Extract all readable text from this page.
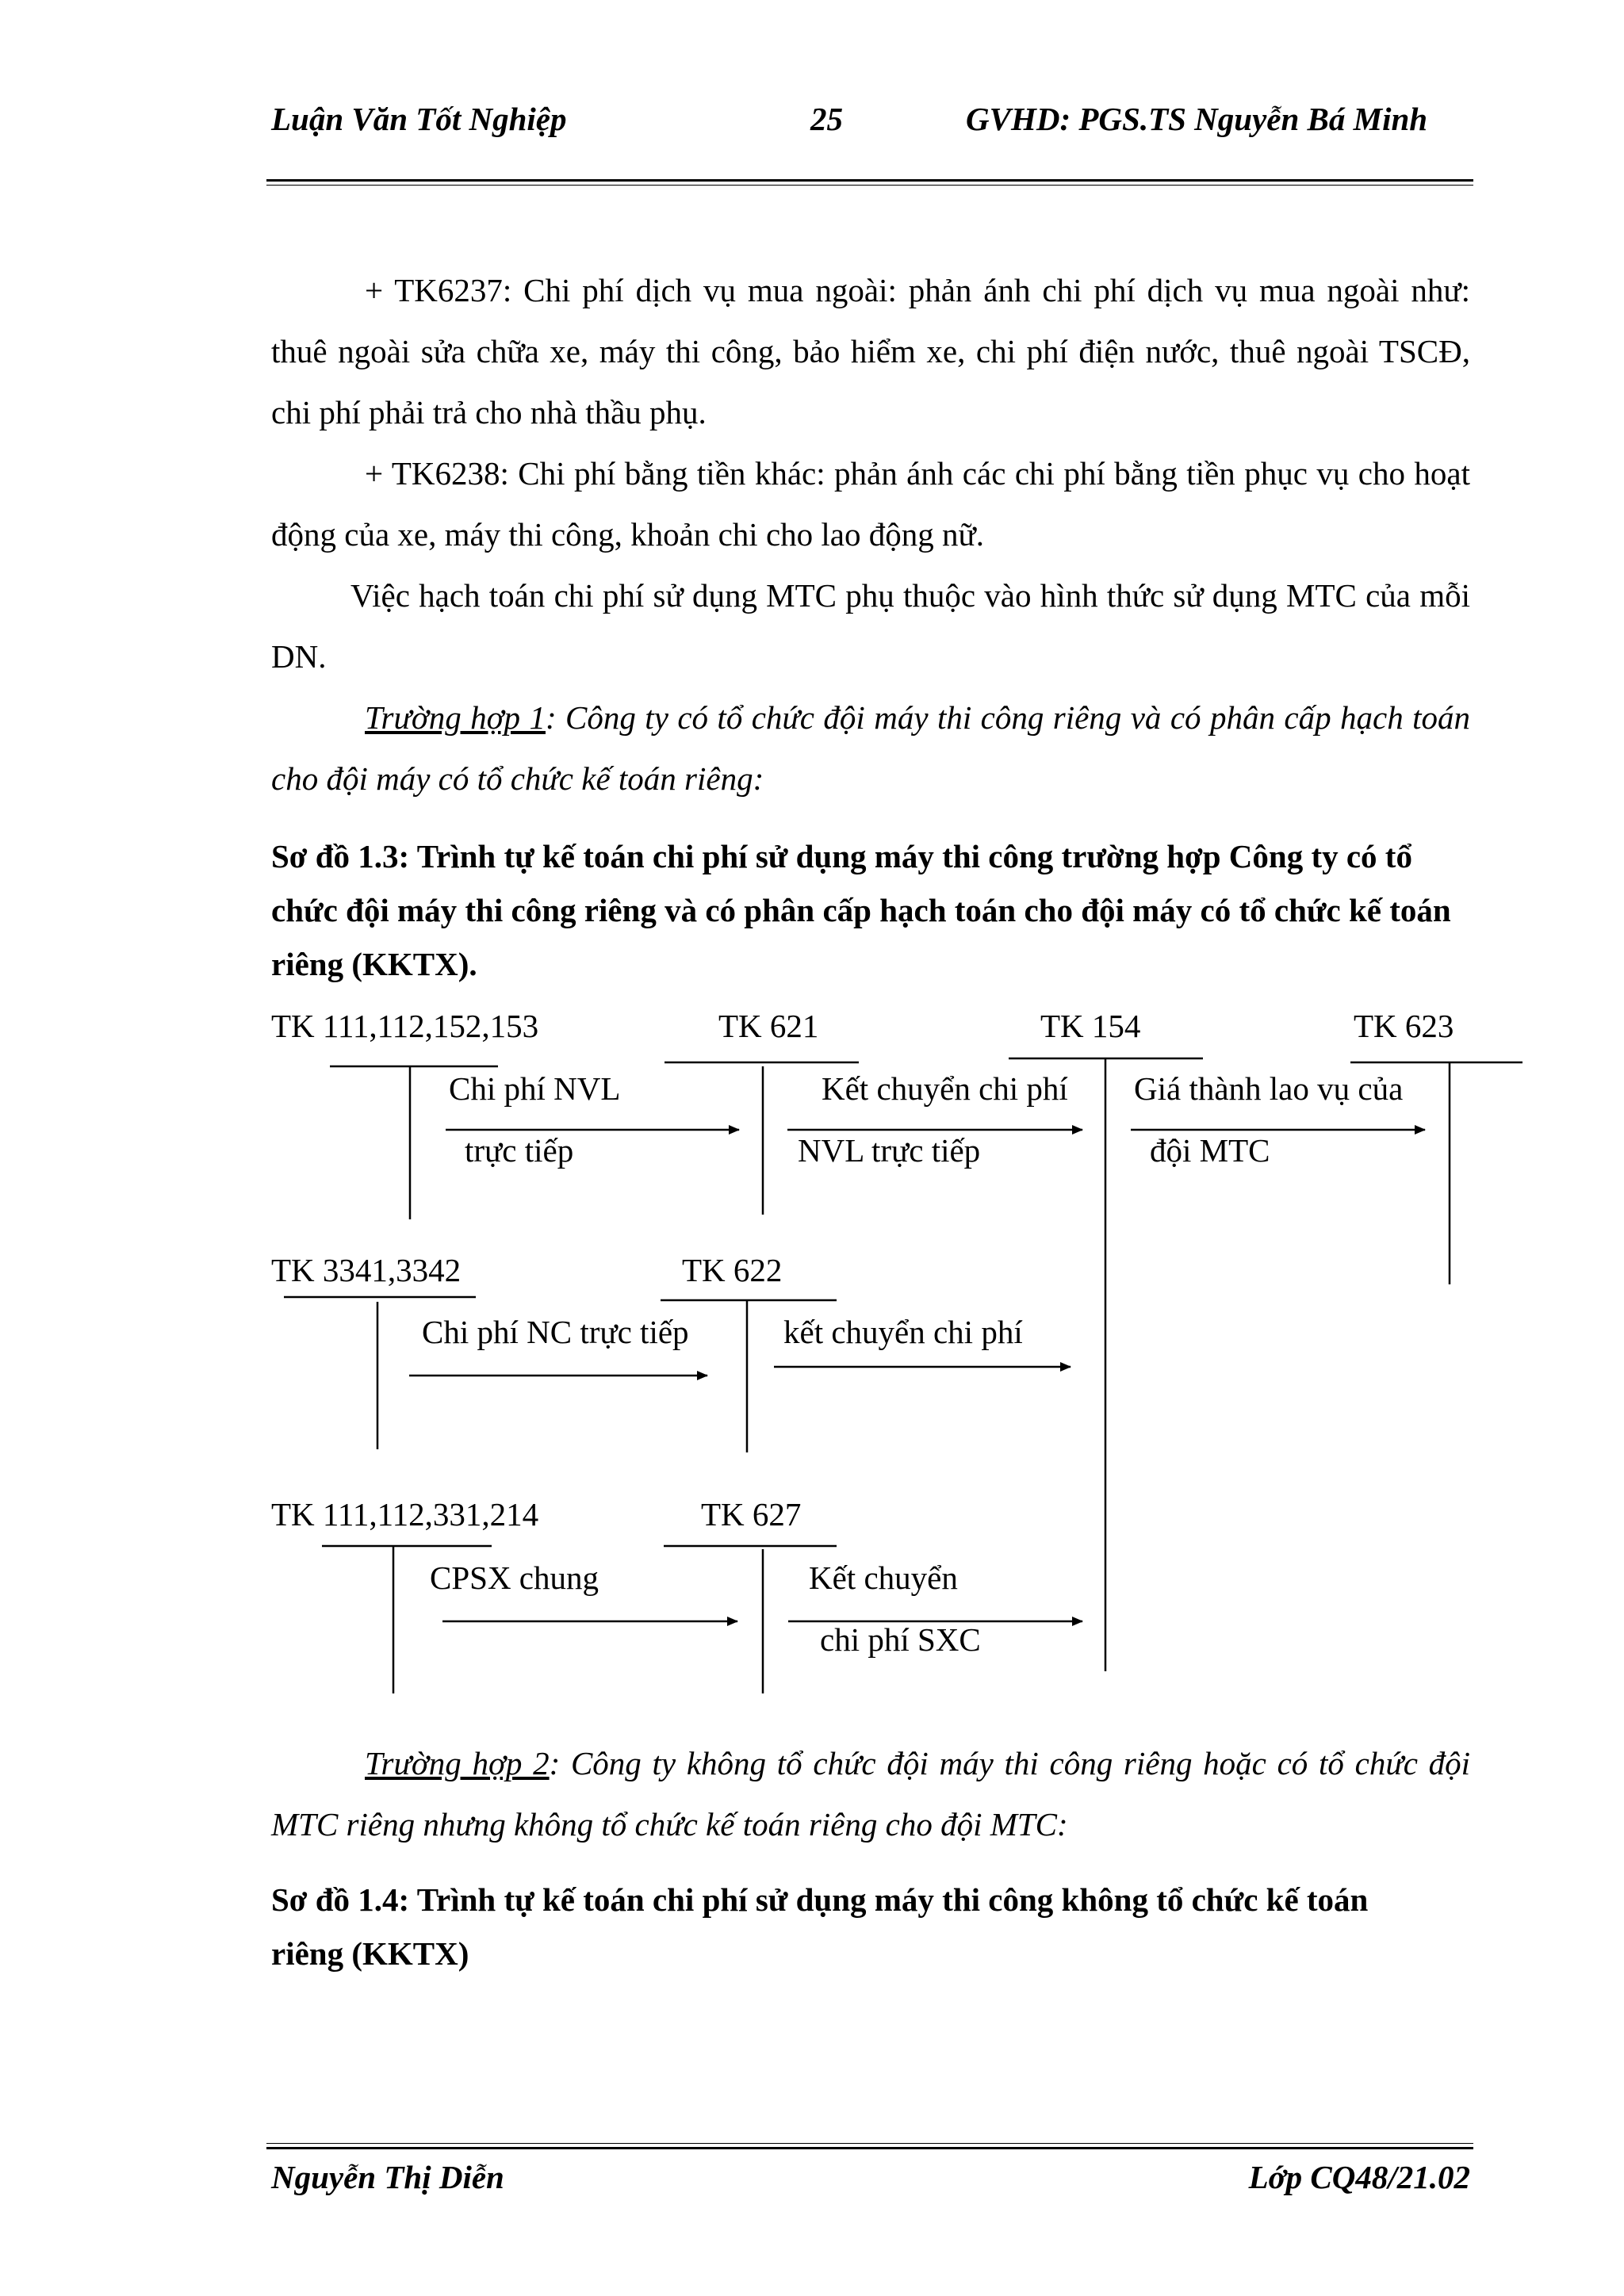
Luận Văn Tốt Nghiệp	25	GVHD: PGS.TS Nguyễn Bá Minh

+ TK6237: Chi phí dịch vụ mua ngoài: phản ánh chi phí dịch vụ mua ngoài như: thuê ngoài sửa chữa xe, máy thi công, bảo hiểm xe, chi phí điện nước, thuê ngoài TSCĐ, chi phí phải trả cho nhà thầu phụ.

+ TK6238: Chi phí bằng tiền khác: phản ánh các chi phí bằng tiền phục vụ cho hoạt động của xe, máy thi công, khoản chi cho lao động nữ.

Việc hạch toán chi phí sử dụng MTC phụ thuộc vào hình thức sử dụng MTC của mỗi DN.

Trường hợp 1: Công ty có tổ chức đội máy thi công riêng và có phân cấp hạch toán cho đội máy có tổ chức kế toán riêng:

Sơ đồ 1.3: Trình tự kế toán chi phí sử dụng máy thi công trường hợp Công ty có tổ chức đội máy thi công riêng và có phân cấp hạch toán cho đội máy có tổ chức kế toán riêng (KKTX).

TK 111,112,152,153	TK 621	TK 154	TK 623
Chi phí NVL
trực tiếp
Kết chuyển chi phí
NVL trực tiếp
Giá thành lao vụ của
đội MTC
TK 3341,3342	TK 622
Chi phí NC trực tiếp	kết chuyển chi phí
TK 111,112,331,214	TK 627
CPSX chung	Kết chuyển
chi phí SXC

Trường hợp 2: Công ty không tổ chức đội máy thi công riêng hoặc có tổ chức đội MTC riêng nhưng không tổ chức kế toán riêng cho đội MTC:

Sơ đồ 1.4: Trình tự kế toán chi phí sử dụng máy thi công không tổ chức kế toán riêng (KKTX)

Nguyễn Thị Diễn	Lớp CQ48/21.02
